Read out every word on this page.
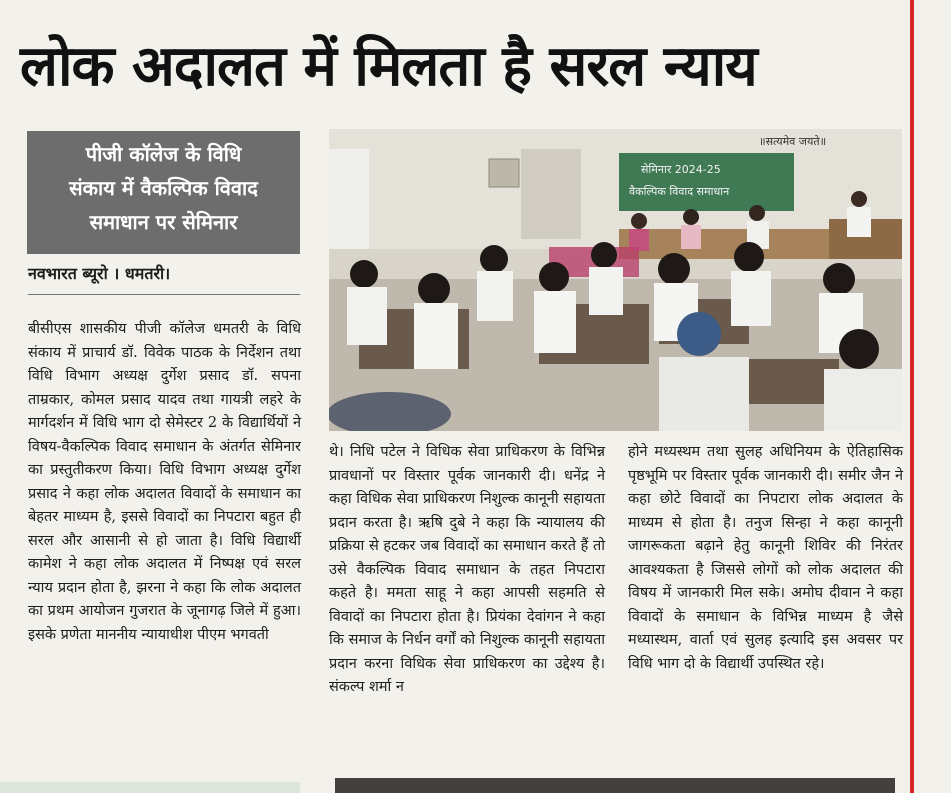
लोक अदालत में मिलता है सरल न्याय
पीजी कॉलेज के विधि
संकाय में वैकल्पिक विवाद
समाधान पर सेमिनार
नवभारत ब्यूरो । धमतरी।
बीसीएस शासकीय पीजी कॉलेज धमतरी के विधि संकाय में प्राचार्य डॉ. विवेक पाठक के निर्देशन तथा विधि विभाग अध्यक्ष दुर्गेश प्रसाद डॉ. सपना ताम्रकार, कोमल प्रसाद यादव तथा गायत्री लहरे के मार्गदर्शन में विधि भाग दो सेमेस्टर 2 के विद्यार्थियों ने विषय-वैकल्पिक विवाद समाधान के अंतर्गत सेमिनार का प्रस्तुतीकरण किया। विधि विभाग अध्यक्ष दुर्गेश प्रसाद ने कहा लोक अदालत विवादों के समाधान का बेहतर माध्यम है, इससे विवादों का निपटारा बहुत ही सरल और आसानी से हो जाता है। विधि विद्यार्थी कामेश ने कहा लोक अदालत में निष्पक्ष एवं सरल न्याय प्रदान होता है, झरना ने कहा कि लोक अदालत का प्रथम आयोजन गुजरात के जूनागढ़ जिले में हुआ। इसके प्रणेता माननीय न्यायाधीश पीएम भगवती
॥सत्यमेव जयते॥
सेमिनार 2024-25
वैकल्पिक विवाद समाधान
थे। निधि पटेल ने विधिक सेवा प्राधिकरण के विभिन्न प्रावधानों पर विस्तार पूर्वक जानकारी दी। धनेंद्र ने कहा विधिक सेवा प्राधिकरण निशुल्क कानूनी सहायता प्रदान करता है। ऋषि दुबे ने कहा कि न्यायालय की प्रक्रिया से हटकर जब विवादों का समाधान करते हैं तो उसे वैकल्पिक विवाद समाधान के तहत निपटारा कहते है। ममता साहू ने कहा आपसी सहमति से विवादों का निपटारा होता है। प्रियंका देवांगन ने कहा कि समाज के निर्धन वर्गों को निशुल्क कानूनी सहायता प्रदान करना विधिक सेवा प्राधिकरण का उद्देश्य है। संकल्प शर्मा न
होने मध्यस्थम तथा सुलह अधिनियम के ऐतिहासिक पृष्ठभूमि पर विस्तार पूर्वक जानकारी दी। समीर जैन ने कहा छोटे विवादों का निपटारा लोक अदालत के माध्यम से होता है। तनुज सिन्हा ने कहा कानूनी जागरूकता बढ़ाने हेतु कानूनी शिविर की निरंतर आवश्यकता है जिससे लोगों को लोक अदालत की विषय में जानकारी मिल सके। अमोघ दीवान ने कहा विवादों के समाधान के विभिन्न माध्यम है जैसे मध्यास्थम, वार्ता एवं सुलह इत्यादि इस अवसर पर विधि भाग दो के विद्यार्थी उपस्थित रहे।
